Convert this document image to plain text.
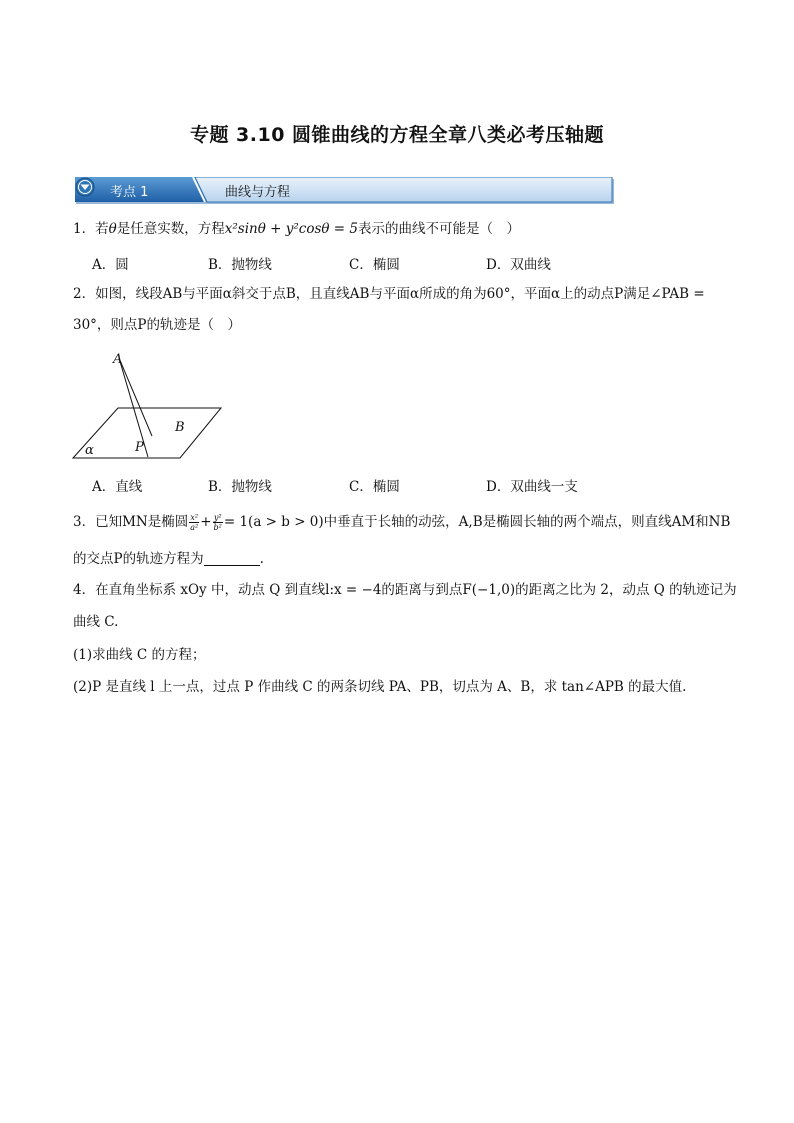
专题 3.10 圆锥曲线的方程全章八类必考压轴题
考点 1	曲线与方程
1．若θ是任意实数，方程x²sinθ + y²cosθ = 5表示的曲线不可能是（　）
A．圆	B．抛物线	C．椭圆	D．双曲线
2．如图，线段AB与平面α斜交于点B，且直线AB与平面α所成的角为60°，平面α上的动点P满足∠PAB =
30°，则点P的轨迹是（　）
A
B
P
α
A．直线	B．抛物线	C．椭圆	D．双曲线一支
3．已知MN是椭圆 $\frac{\text{x²}}{\text{a²}} + \frac{\text{y²}}{\text{b²}} = 1(a > b > 0)$中垂直于长轴的动弦，A,B是椭圆长轴的两个端点，则直线AM和NB
的交点P的轨迹方程为	.
4．在直角坐标系 xOy 中，动点 Q 到直线l:x = −4的距离与到点F(−1,0)的距离之比为 2，动点 Q 的轨迹记为
曲线 C.
(1)求曲线 C 的方程；
(2)P 是直线 l 上一点，过点 P 作曲线 C 的两条切线 PA、PB，切点为 A、B，求 tan∠APB 的最大值.
